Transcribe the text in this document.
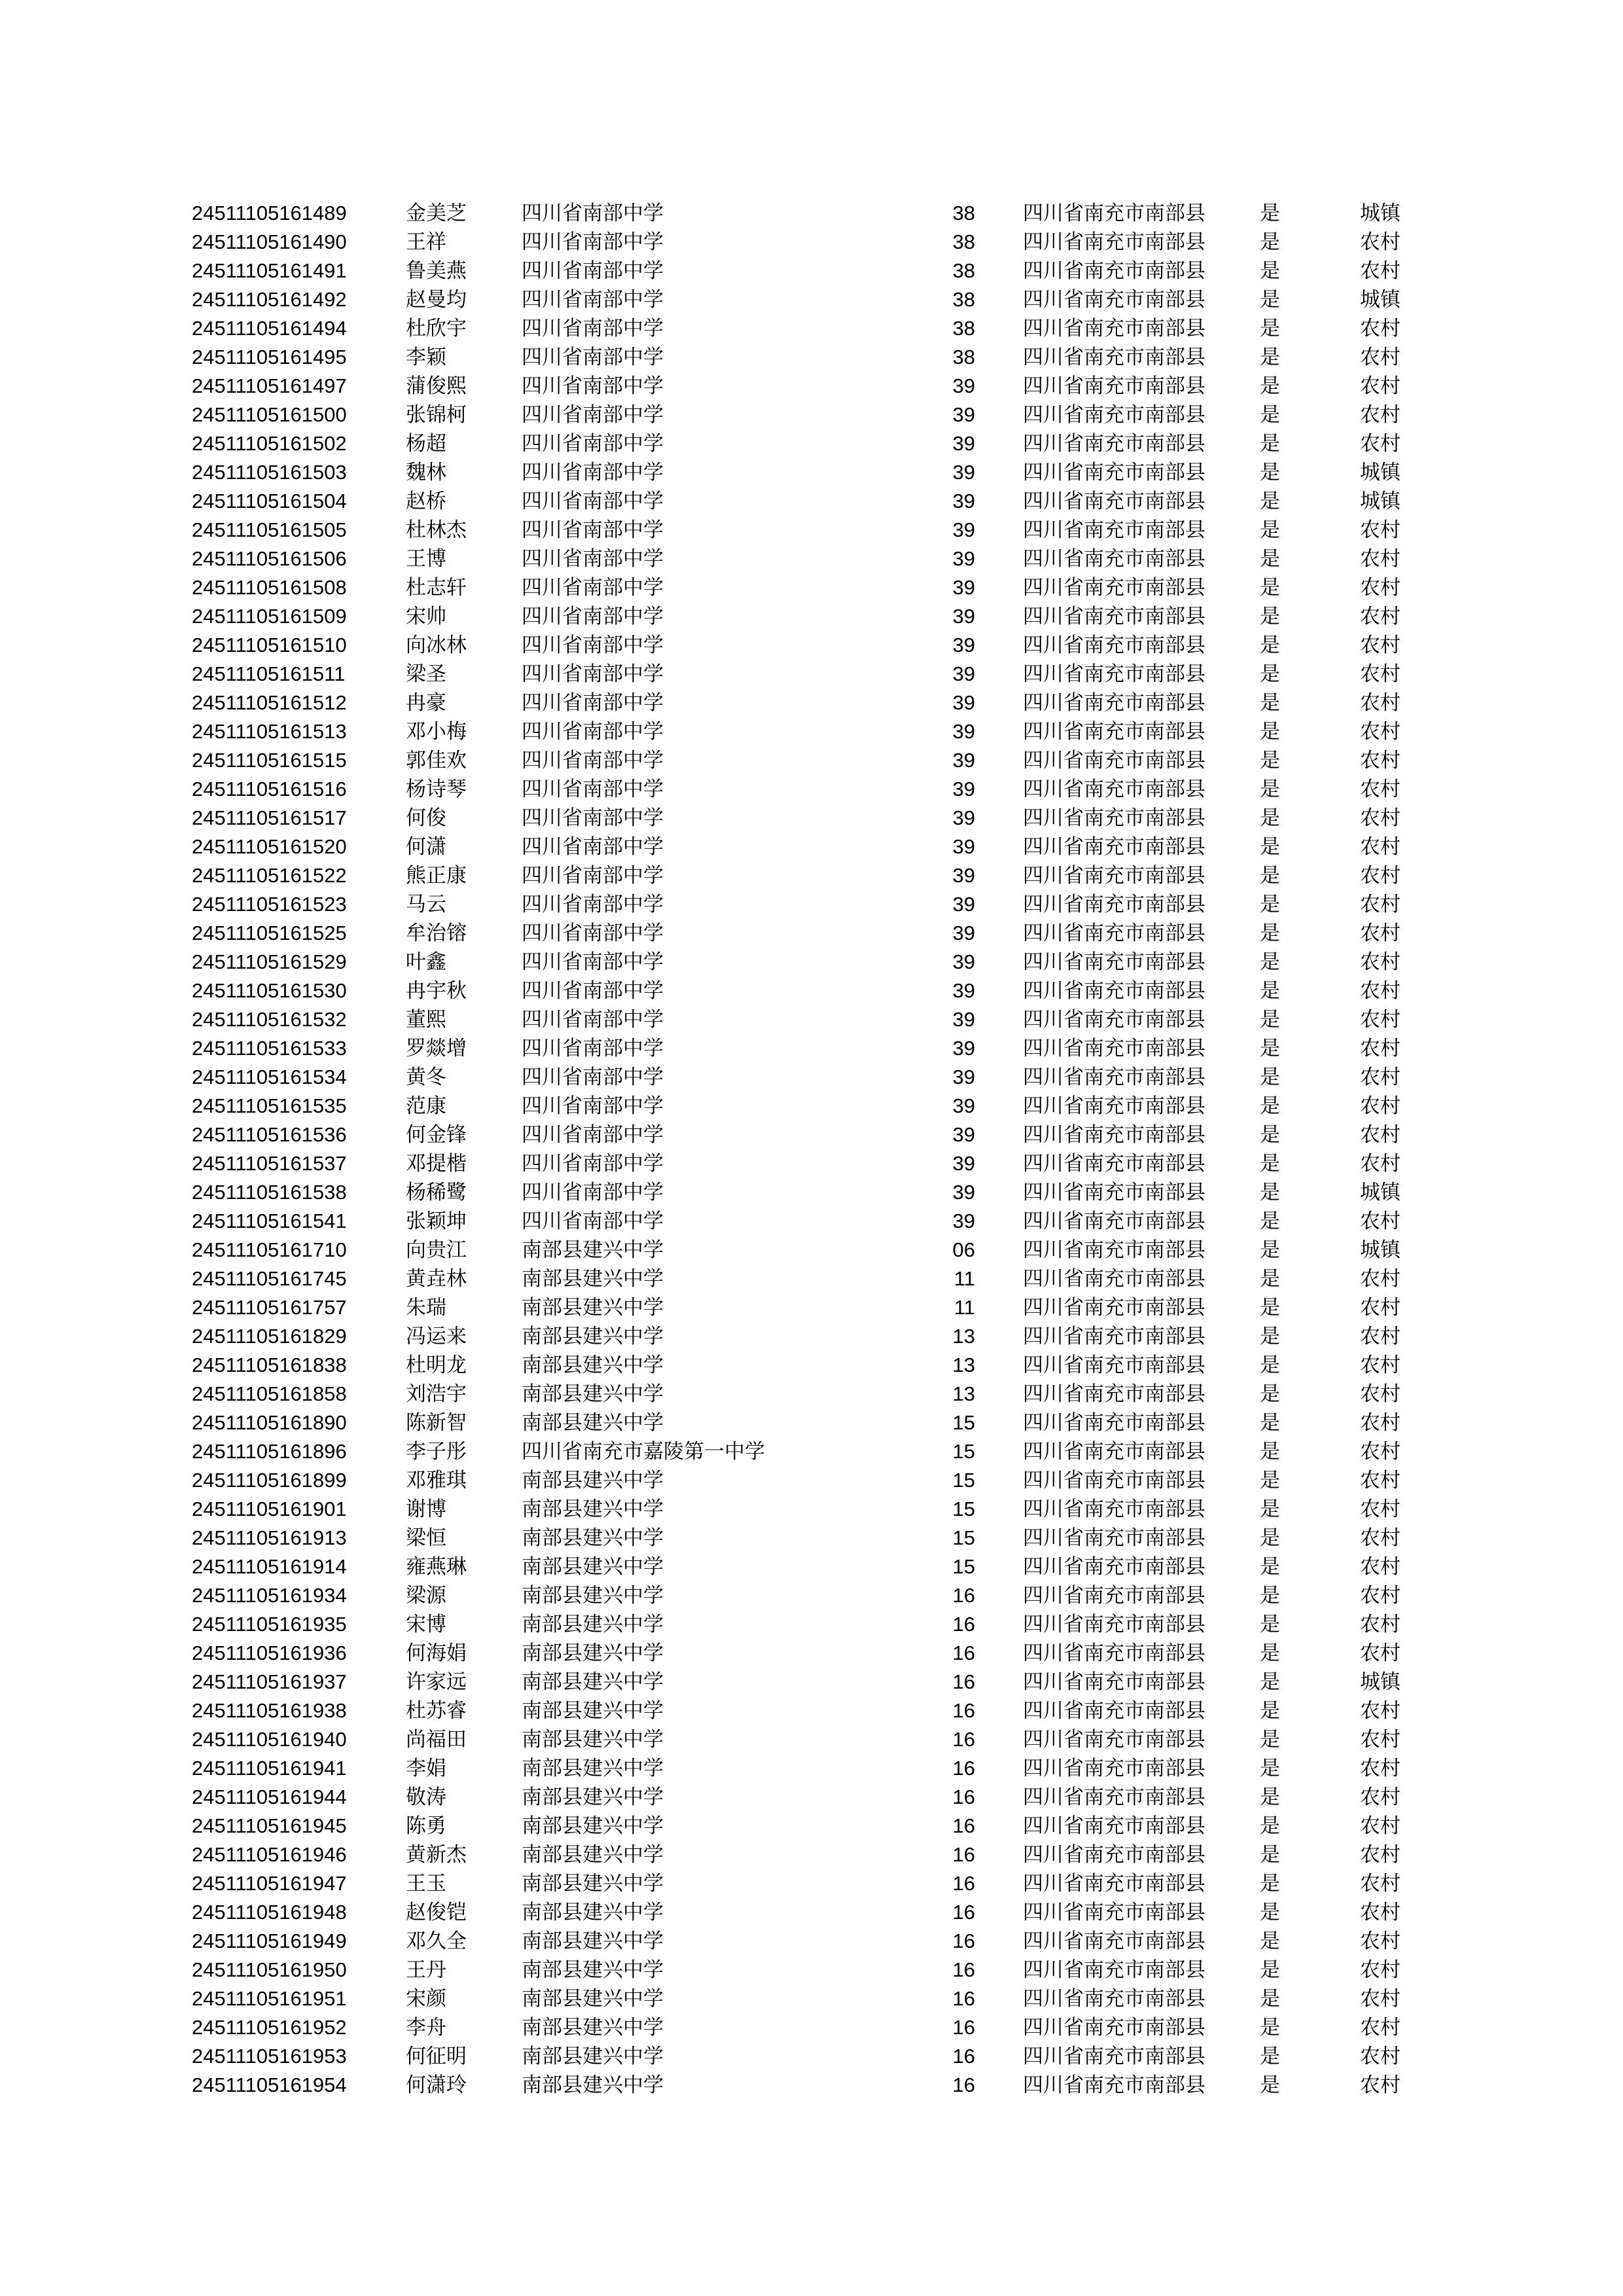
24511105161489	金美芝	四川省南部中学	38 四川省南充市南部县	是	城镇
24511105161490	王祥	四川省南部中学	38 四川省南充市南部县	是	农村
24511105161491	鲁美燕	四川省南部中学	38 四川省南充市南部县	是	农村
24511105161492	赵曼均	四川省南部中学	38 四川省南充市南部县	是	城镇
24511105161494	杜欣宇	四川省南部中学	38 四川省南充市南部县	是	农村
24511105161495	李颖	四川省南部中学	38 四川省南充市南部县	是	农村
24511105161497	蒲俊熙	四川省南部中学	39 四川省南充市南部县	是	农村
24511105161500	张锦柯	四川省南部中学	39 四川省南充市南部县	是	农村
24511105161502	杨超	四川省南部中学	39 四川省南充市南部县	是	农村
24511105161503	魏林	四川省南部中学	39 四川省南充市南部县	是	城镇
24511105161504	赵桥	四川省南部中学	39 四川省南充市南部县	是	城镇
24511105161505	杜林杰	四川省南部中学	39 四川省南充市南部县	是	农村
24511105161506	王博	四川省南部中学	39 四川省南充市南部县	是	农村
24511105161508	杜志轩	四川省南部中学	39 四川省南充市南部县	是	农村
24511105161509	宋帅	四川省南部中学	39 四川省南充市南部县	是	农村
24511105161510	向冰林	四川省南部中学	39 四川省南充市南部县	是	农村
24511105161511	梁圣	四川省南部中学	39 四川省南充市南部县	是	农村
24511105161512	冉豪	四川省南部中学	39 四川省南充市南部县	是	农村
24511105161513	邓小梅	四川省南部中学	39 四川省南充市南部县	是	农村
24511105161515	郭佳欢	四川省南部中学	39 四川省南充市南部县	是	农村
24511105161516	杨诗琴	四川省南部中学	39 四川省南充市南部县	是	农村
24511105161517	何俊	四川省南部中学	39 四川省南充市南部县	是	农村
24511105161520	何潇	四川省南部中学	39 四川省南充市南部县	是	农村
24511105161522	熊正康	四川省南部中学	39 四川省南充市南部县	是	农村
24511105161523	马云	四川省南部中学	39 四川省南充市南部县	是	农村
24511105161525	牟治镕	四川省南部中学	39 四川省南充市南部县	是	农村
24511105161529	叶鑫	四川省南部中学	39 四川省南充市南部县	是	农村
24511105161530	冉宇秋	四川省南部中学	39 四川省南充市南部县	是	农村
24511105161532	董熙	四川省南部中学	39 四川省南充市南部县	是	农村
24511105161533	罗燚增	四川省南部中学	39 四川省南充市南部县	是	农村
24511105161534	黄冬	四川省南部中学	39 四川省南充市南部县	是	农村
24511105161535	范康	四川省南部中学	39 四川省南充市南部县	是	农村
24511105161536	何金锋	四川省南部中学	39 四川省南充市南部县	是	农村
24511105161537	邓提楷	四川省南部中学	39 四川省南充市南部县	是	农村
24511105161538	杨稀鹭	四川省南部中学	39 四川省南充市南部县	是	城镇
24511105161541	张颖坤	四川省南部中学	39 四川省南充市南部县	是	农村
24511105161710	向贵江	南部县建兴中学	06 四川省南充市南部县	是	城镇
24511105161745	黄垚林	南部县建兴中学	11 四川省南充市南部县	是	农村
24511105161757	朱瑞	南部县建兴中学	11 四川省南充市南部县	是	农村
24511105161829	冯运来	南部县建兴中学	13 四川省南充市南部县	是	农村
24511105161838	杜明龙	南部县建兴中学	13 四川省南充市南部县	是	农村
24511105161858	刘浩宇	南部县建兴中学	13 四川省南充市南部县	是	农村
24511105161890	陈新智	南部县建兴中学	15 四川省南充市南部县	是	农村
24511105161896	李子彤	四川省南充市嘉陵第一中学	15 四川省南充市南部县	是	农村
24511105161899	邓雅琪	南部县建兴中学	15 四川省南充市南部县	是	农村
24511105161901	谢博	南部县建兴中学	15 四川省南充市南部县	是	农村
24511105161913	梁恒	南部县建兴中学	15 四川省南充市南部县	是	农村
24511105161914	雍燕琳	南部县建兴中学	15 四川省南充市南部县	是	农村
24511105161934	梁源	南部县建兴中学	16 四川省南充市南部县	是	农村
24511105161935	宋博	南部县建兴中学	16 四川省南充市南部县	是	农村
24511105161936	何海娟	南部县建兴中学	16 四川省南充市南部县	是	农村
24511105161937	许家远	南部县建兴中学	16 四川省南充市南部县	是	城镇
24511105161938	杜苏睿	南部县建兴中学	16 四川省南充市南部县	是	农村
24511105161940	尚福田	南部县建兴中学	16 四川省南充市南部县	是	农村
24511105161941	李娟	南部县建兴中学	16 四川省南充市南部县	是	农村
24511105161944	敬涛	南部县建兴中学	16 四川省南充市南部县	是	农村
24511105161945	陈勇	南部县建兴中学	16 四川省南充市南部县	是	农村
24511105161946	黄新杰	南部县建兴中学	16 四川省南充市南部县	是	农村
24511105161947	王玉	南部县建兴中学	16 四川省南充市南部县	是	农村
24511105161948	赵俊铠	南部县建兴中学	16 四川省南充市南部县	是	农村
24511105161949	邓久全	南部县建兴中学	16 四川省南充市南部县	是	农村
24511105161950	王丹	南部县建兴中学	16 四川省南充市南部县	是	农村
24511105161951	宋颜	南部县建兴中学	16 四川省南充市南部县	是	农村
24511105161952	李舟	南部县建兴中学	16 四川省南充市南部县	是	农村
24511105161953	何征明	南部县建兴中学	16 四川省南充市南部县	是	农村
24511105161954	何潇玲	南部县建兴中学	16 四川省南充市南部县	是	农村
